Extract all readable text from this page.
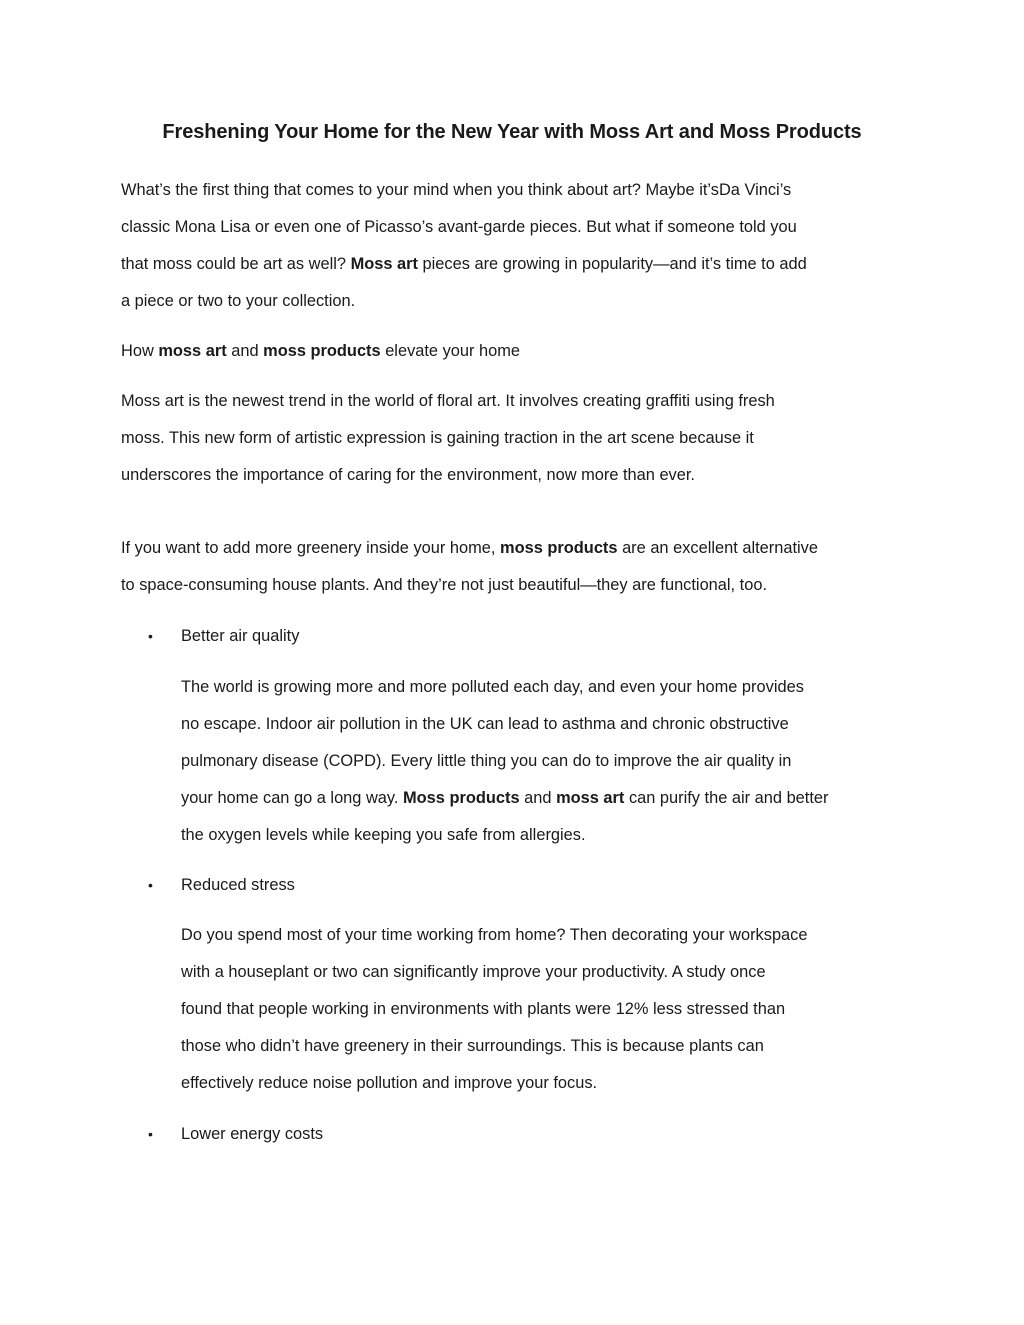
Freshening Your Home for the New Year with Moss Art and Moss Products
What’s the first thing that comes to your mind when you think about art? Maybe it’sDa Vinci’s
classic Mona Lisa or even one of Picasso’s avant-garde pieces. But what if someone told you
that moss could be art as well? Moss art pieces are growing in popularity—and it’s time to add
a piece or two to your collection.
How moss art and moss products elevate your home
Moss art is the newest trend in the world of floral art. It involves creating graffiti using fresh
moss. This new form of artistic expression is gaining traction in the art scene because it
underscores the importance of caring for the environment, now more than ever.
If you want to add more greenery inside your home, moss products are an excellent alternative
to space-consuming house plants. And they’re not just beautiful—they are functional, too.
• Better air quality
The world is growing more and more polluted each day, and even your home provides
no escape. Indoor air pollution in the UK can lead to asthma and chronic obstructive
pulmonary disease (COPD). Every little thing you can do to improve the air quality in
your home can go a long way. Moss products and moss art can purify the air and better
the oxygen levels while keeping you safe from allergies.
• Reduced stress
Do you spend most of your time working from home? Then decorating your workspace
with a houseplant or two can significantly improve your productivity. A study once
found that people working in environments with plants were 12% less stressed than
those who didn’t have greenery in their surroundings. This is because plants can
effectively reduce noise pollution and improve your focus.
• Lower energy costs
